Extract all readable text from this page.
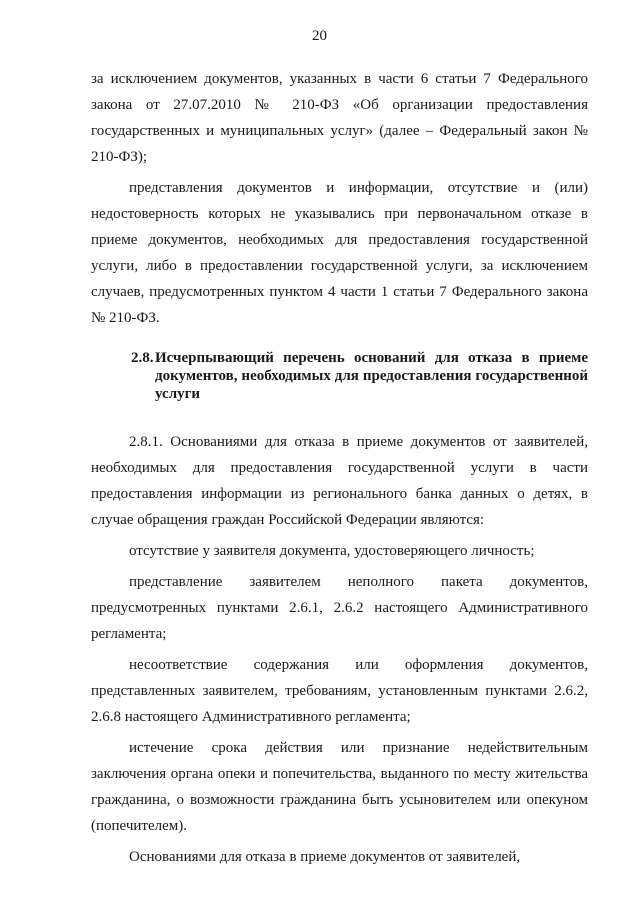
20

за исключением документов, указанных в части 6 статьи 7 Федерального закона от 27.07.2010 № 210-ФЗ «Об организации предоставления государственных и муниципальных услуг» (далее – Федеральный закон № 210-ФЗ);

представления документов и информации, отсутствие и (или) недостоверность которых не указывались при первоначальном отказе в приеме документов, необходимых для предоставления государственной услуги, либо в предоставлении государственной услуги, за исключением случаев, предусмотренных пунктом 4 части 1 статьи 7 Федерального закона № 210-ФЗ.

2.8. Исчерпывающий перечень оснований для отказа в приеме документов, необходимых для предоставления государственной услуги

2.8.1. Основаниями для отказа в приеме документов от заявителей, необходимых для предоставления государственной услуги в части предоставления информации из регионального банка данных о детях, в случае обращения граждан Российской Федерации являются:

отсутствие у заявителя документа, удостоверяющего личность;

представление заявителем неполного пакета документов, предусмотренных пунктами 2.6.1, 2.6.2 настоящего Административного регламента;

несоответствие содержания или оформления документов, представленных заявителем, требованиям, установленным пунктами 2.6.2, 2.6.8 настоящего Административного регламента;

истечение срока действия или признание недействительным заключения органа опеки и попечительства, выданного по месту жительства гражданина, о возможности гражданина быть усыновителем или опекуном (попечителем).

Основаниями для отказа в приеме документов от заявителей,
